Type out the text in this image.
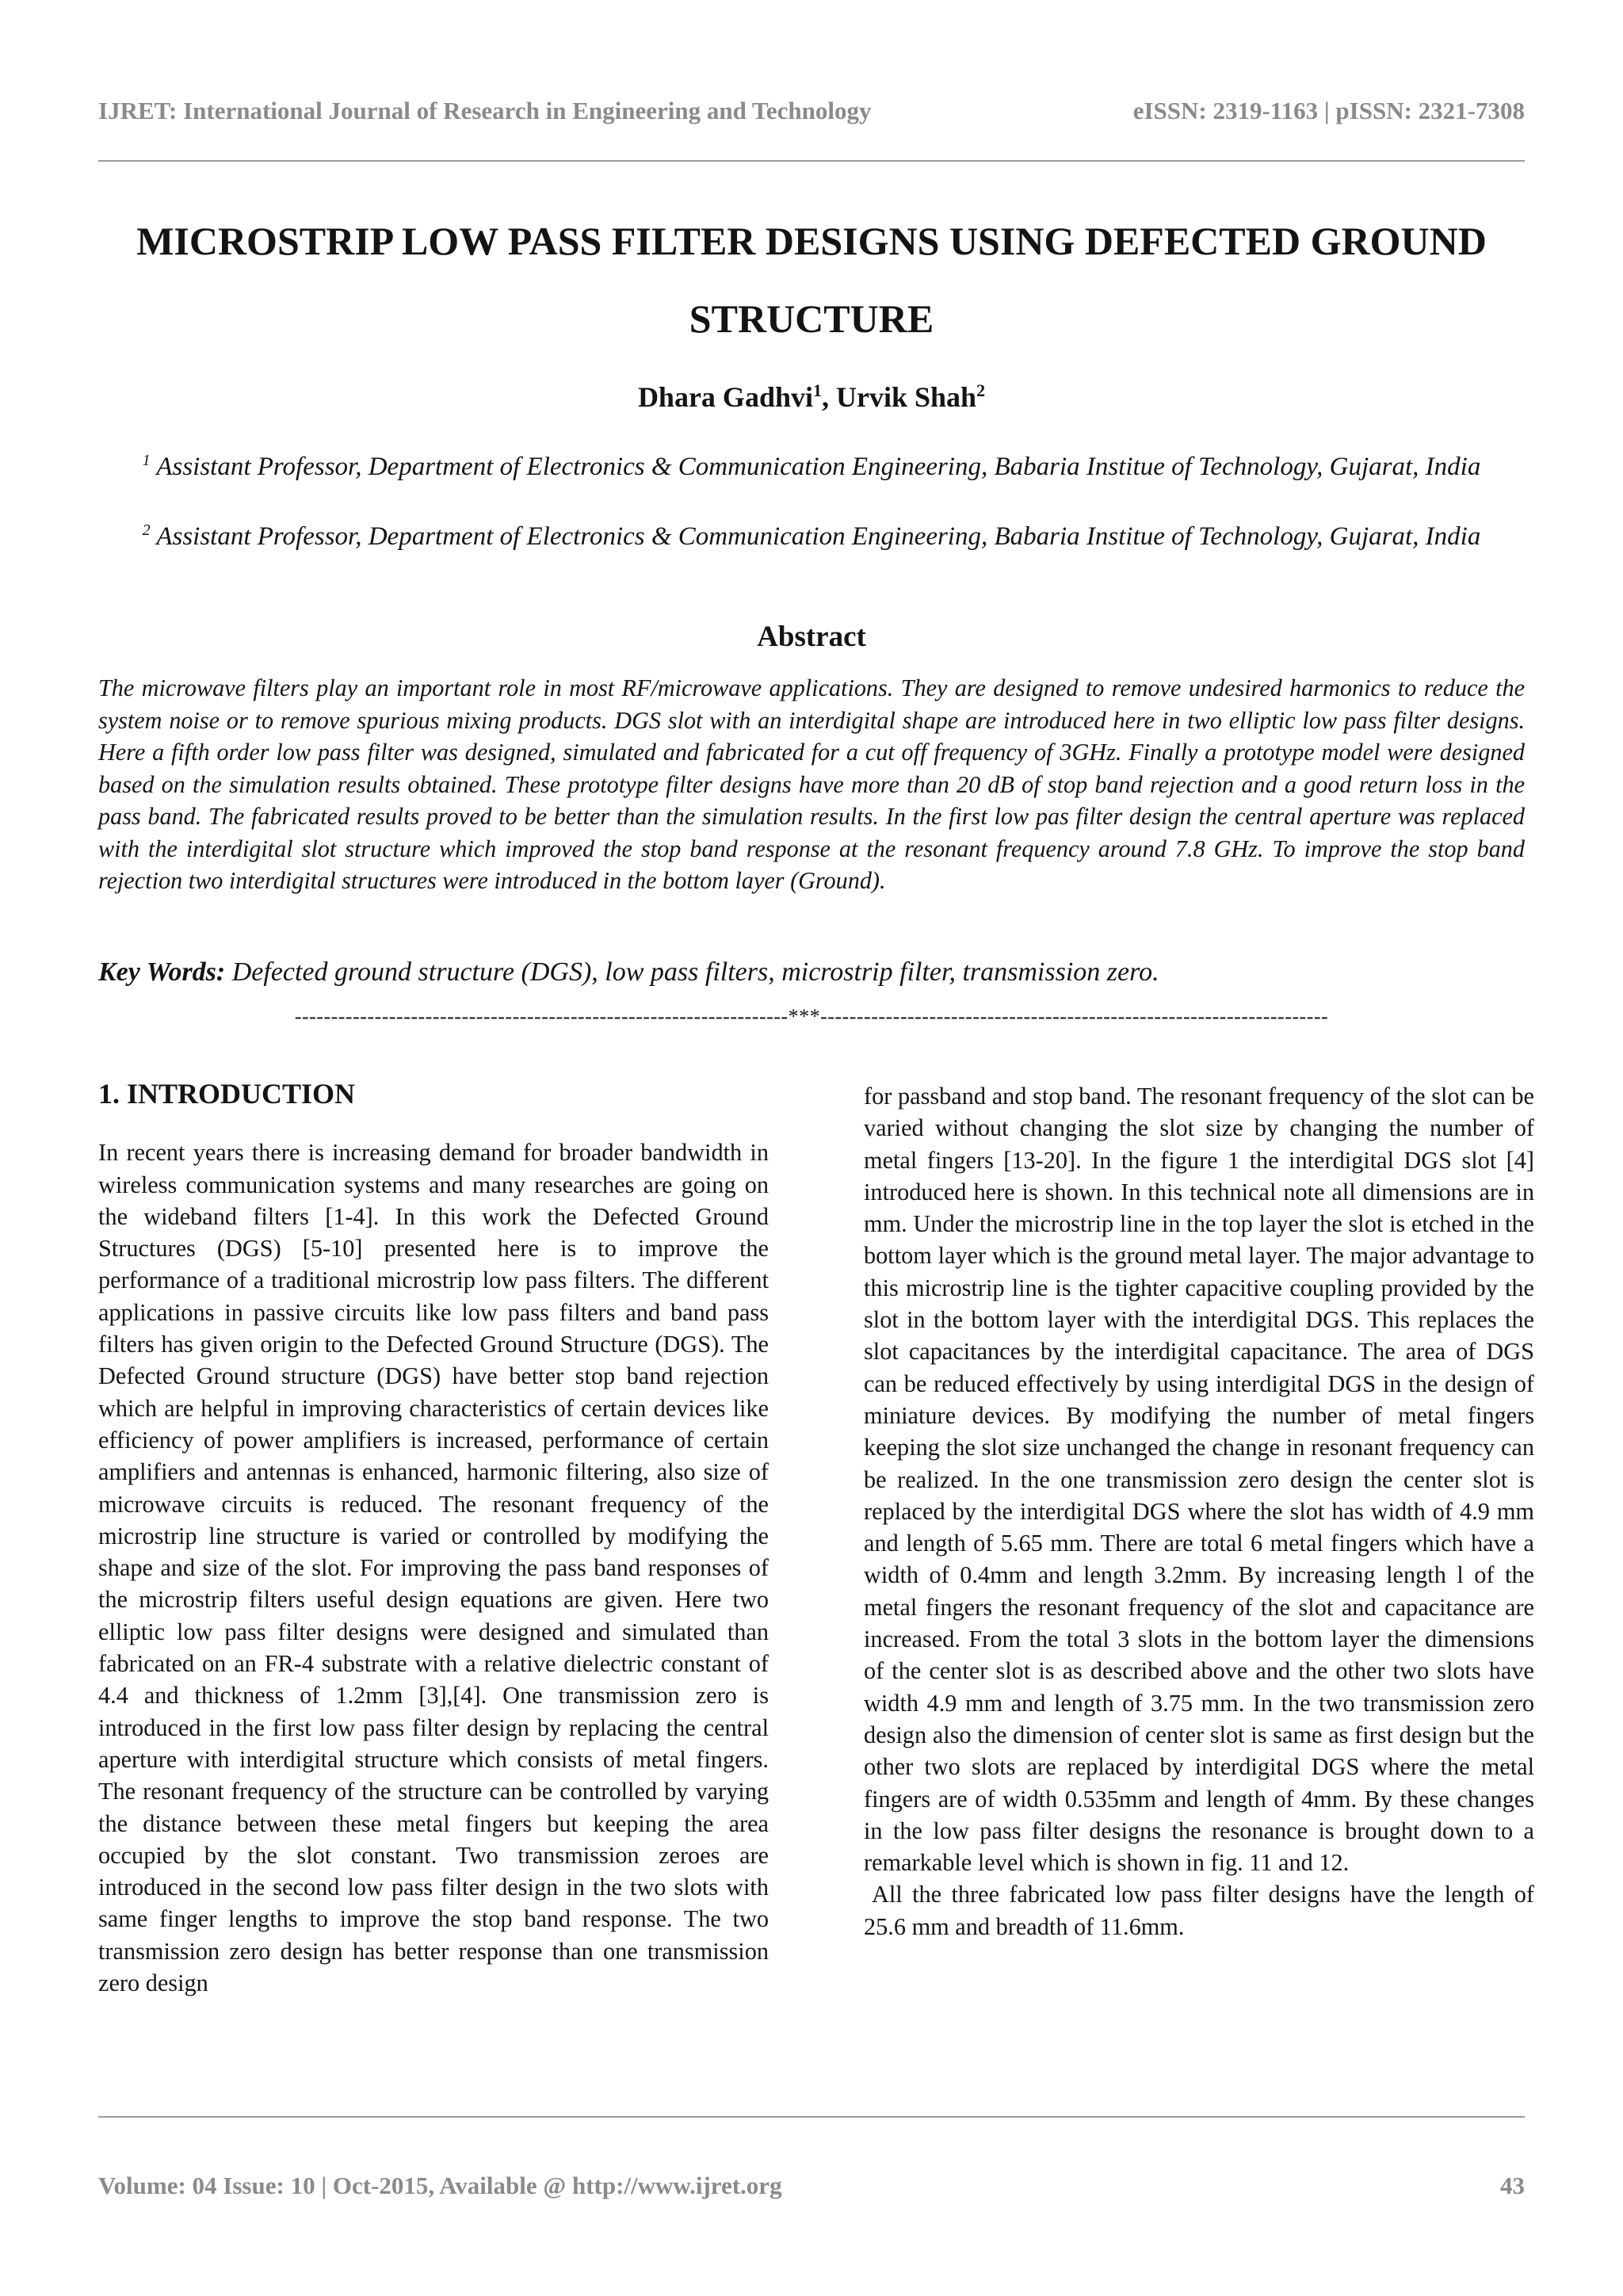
IJRET: International Journal of Research in Engineering and Technology	eISSN: 2319-1163 | pISSN: 2321-7308
MICROSTRIP LOW PASS FILTER DESIGNS USING DEFECTED GROUND STRUCTURE
Dhara Gadhvi$^1$, Urvik Shah$^2$
$^1$ Assistant Professor, Department of Electronics & Communication Engineering, Babaria Institue of Technology, Gujarat, India
$^2$ Assistant Professor, Department of Electronics & Communication Engineering, Babaria Institue of Technology, Gujarat, India
Abstract
The microwave filters play an important role in most RF/microwave applications. They are designed to remove undesired harmonics to reduce the system noise or to remove spurious mixing products. DGS slot with an interdigital shape are introduced here in two elliptic low pass filter designs. Here a fifth order low pass filter was designed, simulated and fabricated for a cut off frequency of 3GHz. Finally a prototype model were designed based on the simulation results obtained. These prototype filter designs have more than 20 dB of stop band rejection and a good return loss in the pass band. The fabricated results proved to be better than the simulation results. In the first low pas filter design the central aperture was replaced with the interdigital slot structure which improved the stop band response at the resonant frequency around 7.8 GHz. To improve the stop band rejection two interdigital structures were introduced in the bottom layer (Ground).
Key Words: Defected ground structure (DGS), low pass filters, microstrip filter, transmission zero.
--------------------------------------------------------------------***----------------------------------------------------------------------
1. INTRODUCTION

In recent years there is increasing demand for broader bandwidth in wireless communication systems and many researches are going on the wideband filters [1-4]. In this work the Defected Ground Structures (DGS) [5-10] presented here is to improve the performance of a traditional microstrip low pass filters. The different applications in passive circuits like low pass filters and band pass filters has given origin to the Defected Ground Structure (DGS). The Defected Ground structure (DGS) have better stop band rejection which are helpful in improving characteristics of certain devices like efficiency of power amplifiers is increased, performance of certain amplifiers and antennas is enhanced, harmonic filtering, also size of microwave circuits is reduced. The resonant frequency of the microstrip line structure is varied or controlled by modifying the shape and size of the slot. For improving the pass band responses of the microstrip filters useful design equations are given. Here two elliptic low pass filter designs were designed and simulated than fabricated on an FR-4 substrate with a relative dielectric constant of 4.4 and thickness of 1.2mm [3],[4]. One transmission zero is introduced in the first low pass filter design by replacing the central aperture with interdigital structure which consists of metal fingers. The resonant frequency of the structure can be controlled by varying the distance between these metal fingers but keeping the area occupied by the slot constant. Two transmission zeroes are introduced in the second low pass filter design in the two slots with same finger lengths to improve the stop band response. The two transmission zero design has better response than one transmission zero design

for passband and stop band. The resonant frequency of the slot can be varied without changing the slot size by changing the number of metal fingers [13-20]. In the figure 1 the interdigital DGS slot [4] introduced here is shown. In this technical note all dimensions are in mm. Under the microstrip line in the top layer the slot is etched in the bottom layer which is the ground metal layer. The major advantage to this microstrip line is the tighter capacitive coupling provided by the slot in the bottom layer with the interdigital DGS. This replaces the slot capacitances by the interdigital capacitance. The area of DGS can be reduced effectively by using interdigital DGS in the design of miniature devices. By modifying the number of metal fingers keeping the slot size unchanged the change in resonant frequency can be realized. In the one transmission zero design the center slot is replaced by the interdigital DGS where the slot has width of 4.9 mm and length of 5.65 mm. There are total 6 metal fingers which have a width of 0.4mm and length 3.2mm. By increasing length l of the metal fingers the resonant frequency of the slot and capacitance are increased. From the total 3 slots in the bottom layer the dimensions of the center slot is as described above and the other two slots have width 4.9 mm and length of 3.75 mm. In the two transmission zero design also the dimension of center slot is same as first design but the other two slots are replaced by interdigital DGS where the metal fingers are of width 0.535mm and length of 4mm. By these changes in the low pass filter designs the resonance is brought down to a remarkable level which is shown in fig. 11 and 12.

All the three fabricated low pass filter designs have the length of 25.6 mm and breadth of 11.6mm.

Volume: 04 Issue: 10 | Oct-2015, Available @ http://www.ijret.org	43
